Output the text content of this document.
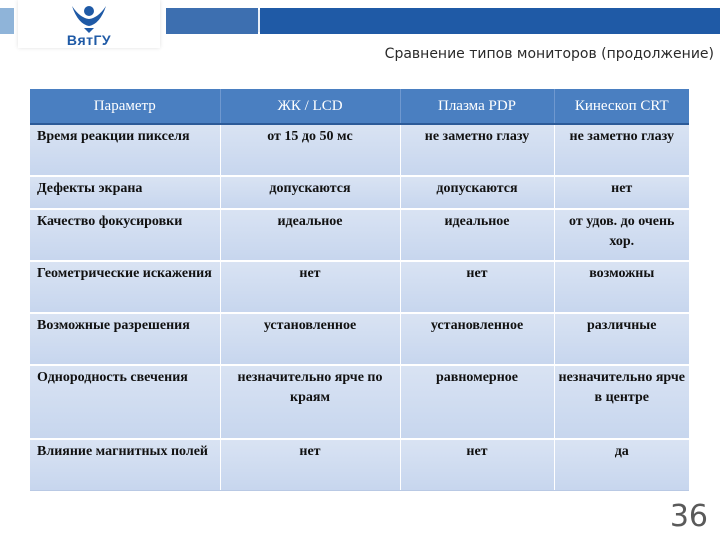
ВятГУ
Сравнение типов мониторов (продолжение)
Параметр	ЖК / LCD	Плазма PDP	Кинескоп CRT
Время реакции пикселя	от 15 до 50 мс	не заметно глазу	не заметно глазу
Дефекты экрана	допускаются	допускаются	нет
Качество фокусировки	идеальное	идеальное	от удов. до очень хор.
Геометрические искажения	нет	нет	возможны
Возможные разрешения	установленное	установленное	различные
Однородность свечения	незначительно ярче по краям	равномерное	незначительно ярче в центре
Влияние магнитных полей	нет	нет	да
36
